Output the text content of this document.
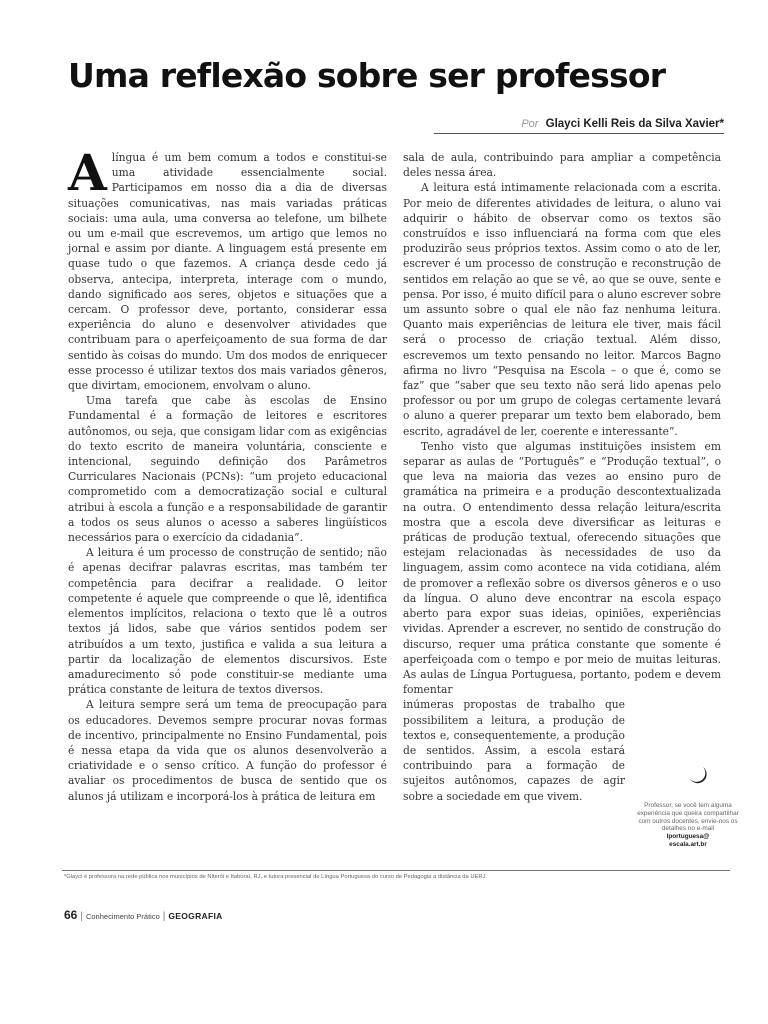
Uma reflexão sobre ser professor
Por Glayci Kelli Reis da Silva Xavier*

A língua é um bem comum a todos e constitui-se uma atividade essencialmente social. Participamos em nosso dia a dia de diversas situações comunicativas, nas mais variadas práticas sociais: uma aula, uma conversa ao telefone, um bilhete ou um e-mail que escrevemos, um artigo que lemos no jornal e assim por diante. A linguagem está presente em quase tudo o que fazemos. A criança desde cedo já observa, antecipa, interpreta, interage com o mundo, dando significado aos seres, objetos e situações que a cercam. O professor deve, portanto, considerar essa experiência do aluno e desenvolver atividades que contribuam para o aperfeiçoamento de sua forma de dar sentido às coisas do mundo. Um dos modos de enriquecer esse processo é utilizar textos dos mais variados gêneros, que divirtam, emocionem, envolvam o aluno.

Uma tarefa que cabe às escolas de Ensino Fundamental é a formação de leitores e escritores autônomos, ou seja, que consigam lidar com as exigências do texto escrito de maneira voluntária, consciente e intencional, seguindo definição dos Parâmetros Curriculares Nacionais (PCNs): “um projeto educacional comprometido com a democratização social e cultural atribui à escola a função e a responsabilidade de garantir a todos os seus alunos o acesso a saberes lingüísticos necessários para o exercício da cidadania”.

A leitura é um processo de construção de sentido; não é apenas decifrar palavras escritas, mas também ter competência para decifrar a realidade. O leitor competente é aquele que compreende o que lê, identifica elementos implícitos, relaciona o texto que lê a outros textos já lidos, sabe que vários sentidos podem ser atribuídos a um texto, justifica e valida a sua leitura a partir da localização de elementos discursivos. Este amadurecimento só pode constituir-se mediante uma prática constante de leitura de textos diversos.

A leitura sempre será um tema de preocupação para os educadores. Devemos sempre procurar novas formas de incentivo, principalmente no Ensino Fundamental, pois é nessa etapa da vida que os alunos desenvolverão a criatividade e o senso crítico. A função do professor é avaliar os procedimentos de busca de sentido que os alunos já utilizam e incorporá-los à prática de leitura em

sala de aula, contribuindo para ampliar a competência deles nessa área.

A leitura está intimamente relacionada com a escrita. Por meio de diferentes atividades de leitura, o aluno vai adquirir o hábito de observar como os textos são construídos e isso influenciará na forma com que eles produzirão seus próprios textos. Assim como o ato de ler, escrever é um processo de construção e reconstrução de sentidos em relação ao que se vê, ao que se ouve, sente e pensa. Por isso, é muito difícil para o aluno escrever sobre um assunto sobre o qual ele não faz nenhuma leitura. Quanto mais experiências de leitura ele tiver, mais fácil será o processo de criação textual. Além disso, escrevemos um texto pensando no leitor. Marcos Bagno afirma no livro “Pesquisa na Escola – o que é, como se faz” que “saber que seu texto não será lido apenas pelo professor ou por um grupo de colegas certamente levará o aluno a querer preparar um texto bem elaborado, bem escrito, agradável de ler, coerente e interessante”.

Tenho visto que algumas instituições insistem em separar as aulas de “Português” e “Produção textual”, o que leva na maioria das vezes ao ensino puro de gramática na primeira e a produção descontextualizada na outra. O entendimento dessa relação leitura/escrita mostra que a escola deve diversificar as leituras e práticas de produção textual, oferecendo situações que estejam relacionadas às necessidades de uso da linguagem, assim como acontece na vida cotidiana, além de promover a reflexão sobre os diversos gêneros e o uso da língua. O aluno deve encontrar na escola espaço aberto para expor suas ideias, opiniões, experiências vividas. Aprender a escrever, no sentido de construção do discurso, requer uma prática constante que somente é aperfeiçoada com o tempo e por meio de muitas leituras. As aulas de Língua Portuguesa, portanto, podem e devem fomentar

inúmeras propostas de trabalho que possibilitem a leitura, a produção de textos e, consequentemente, a produção de sentidos. Assim, a escola estará contribuindo para a formação de sujeitos autônomos, capazes de agir sobre a sociedade em que vivem.

Professor, se você tem alguma experiência que queira compartilhar com outros docentes, envie-nos os detalhes no e-mail
lportuguesa@
escala.art.br
*Glayci é professora na rede pública nos municípios de Niterói e Itaboraí, RJ, e tutora presencial de Língua Portuguesa do curso de Pedagogia a distância da UERJ.
66 | Conhecimento Prático | GEOGRAFIA
